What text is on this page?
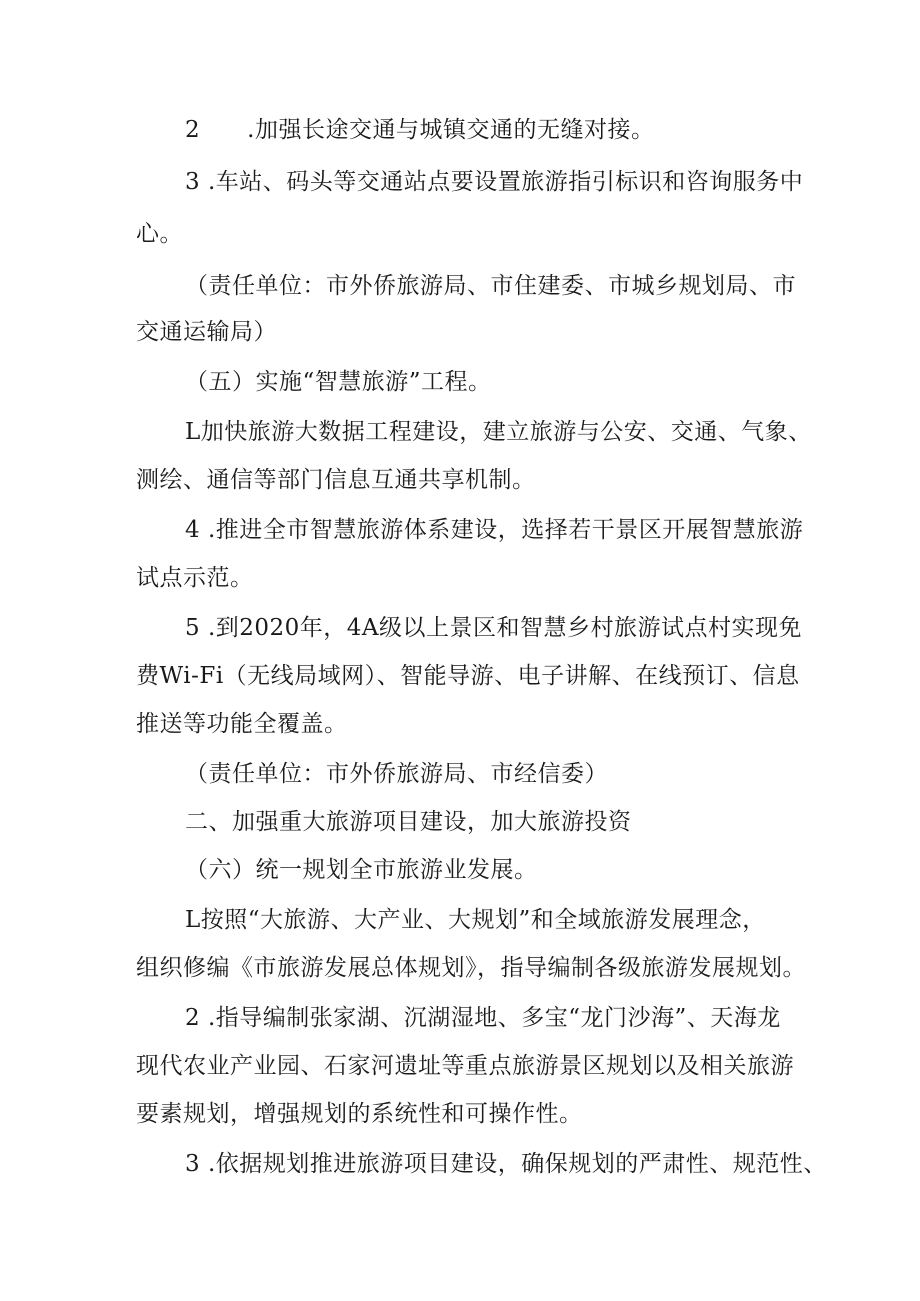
2　　.加强长途交通与城镇交通的无缝对接。
3 .车站、码头等交通站点要设置旅游指引标识和咨询服务中
心。
（责任单位：市外侨旅游局、市住建委、市城乡规划局、市
交通运输局）
（五）实施“智慧旅游”工程。
L加快旅游大数据工程建设，建立旅游与公安、交通、气象、
测绘、通信等部门信息互通共享机制。
4 .推进全市智慧旅游体系建设，选择若干景区开展智慧旅游
试点示范。
5 .到2020年，4A级以上景区和智慧乡村旅游试点村实现免
费Wi-Fi（无线局域网）、智能导游、电子讲解、在线预订、信息
推送等功能全覆盖。
（责任单位：市外侨旅游局、市经信委）
二、加强重大旅游项目建设，加大旅游投资
（六）统一规划全市旅游业发展。
L按照“大旅游、大产业、大规划”和全域旅游发展理念，
组织修编《市旅游发展总体规划》，指导编制各级旅游发展规划。
2 .指导编制张家湖、沉湖湿地、多宝“龙门沙海”、天海龙
现代农业产业园、石家河遗址等重点旅游景区规划以及相关旅游
要素规划，增强规划的系统性和可操作性。
3 .依据规划推进旅游项目建设，确保规划的严肃性、规范性、
